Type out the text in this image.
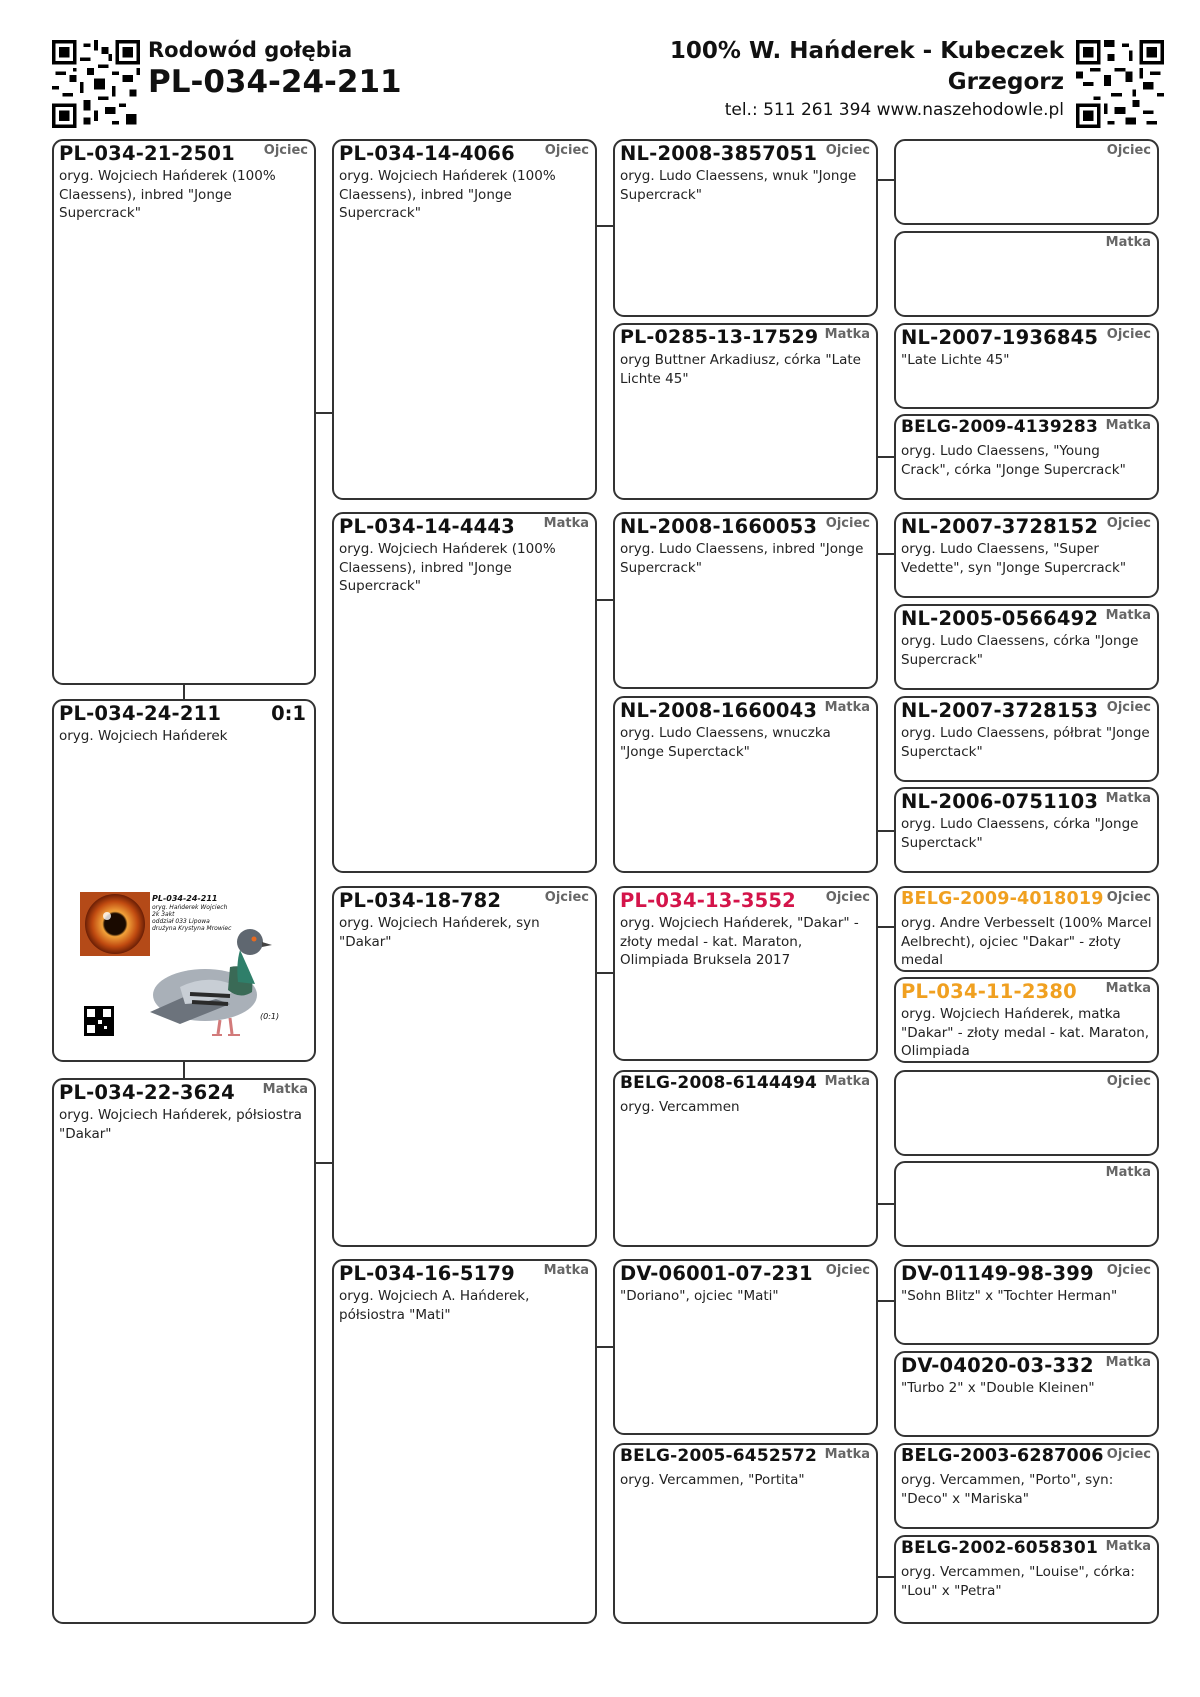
Rodowód gołębia
PL-034-24-211
100% W. Hańderek - Kubeczek
Grzegorz
tel.: 511 261 394 www.naszehodowle.pl
PL-034-21-2501 Ojciec
oryg. Wojciech Hańderek (100% Claessens), inbred "Jonge Supercrack"
PL-034-24-211	0:1
oryg. Wojciech Hańderek
PL-034-24-211
oryg. Hańderek Wojciech
2k 3akt
oddział 033 Lipowa
drużyna Krystyna Mrowiec
(0:1)
PL-034-22-3624 Matka
oryg. Wojciech Hańderek, półsiostra "Dakar"
PL-034-14-4066 Ojciec
oryg. Wojciech Hańderek (100% Claessens), inbred "Jonge Supercrack"
PL-034-14-4443 Matka
oryg. Wojciech Hańderek (100% Claessens), inbred "Jonge Supercrack"
PL-034-18-782	Ojciec
oryg. Wojciech Hańderek, syn "Dakar"
PL-034-16-5179 Matka
oryg. Wojciech A. Hańderek, półsiostra "Mati"
NL-2008-3857051 Ojciec
oryg. Ludo Claessens, wnuk "Jonge Supercrack"
PL-0285-13-17529 Matka
oryg Buttner Arkadiusz, córka "Late Lichte 45"
NL-2008-1660053 Ojciec
oryg. Ludo Claessens, inbred "Jonge Supercrack"
NL-2008-1660043 Matka
oryg. Ludo Claessens, wnuczka "Jonge Superctack"
PL-034-13-3552 Ojciec
oryg. Wojciech Hańderek, "Dakar" - złoty medal - kat. Maraton, Olimpiada Bruksela 2017
BELG-2008-6144494 Matka
oryg. Vercammen
DV-06001-07-231 Ojciec
"Doriano", ojciec "Mati"
BELG-2005-6452572 Matka
oryg. Vercammen, "Portita"
Ojciec
Matka
NL-2007-1936845 Ojciec
"Late Lichte 45"
BELG-2009-4139283 Matka
oryg. Ludo Claessens, "Young Crack", córka "Jonge Supercrack"
NL-2007-3728152 Ojciec
oryg. Ludo Claessens, "Super Vedette", syn "Jonge Supercrack"
NL-2005-0566492 Matka
oryg. Ludo Claessens, córka "Jonge Supercrack"
NL-2007-3728153 Ojciec
oryg. Ludo Claessens, półbrat "Jonge Superctack"
NL-2006-0751103 Matka
oryg. Ludo Claessens, córka "Jonge Superctack"
BELG-2009-4018019 Ojciec
oryg. Andre Verbesselt (100% Marcel Aelbrecht), ojciec "Dakar" - złoty medal
PL-034-11-2380 Matka
oryg. Wojciech Hańderek, matka "Dakar" - złoty medal - kat. Maraton, Olimpiada
Ojciec
Matka
DV-01149-98-399 Ojciec
"Sohn Blitz" x "Tochter Herman"
DV-04020-03-332 Matka
"Turbo 2" x "Double Kleinen"
BELG-2003-6287006 Ojciec
oryg. Vercammen, "Porto", syn: "Deco" x "Mariska"
BELG-2002-6058301 Matka
oryg. Vercammen, "Louise", córka: "Lou" x "Petra"
